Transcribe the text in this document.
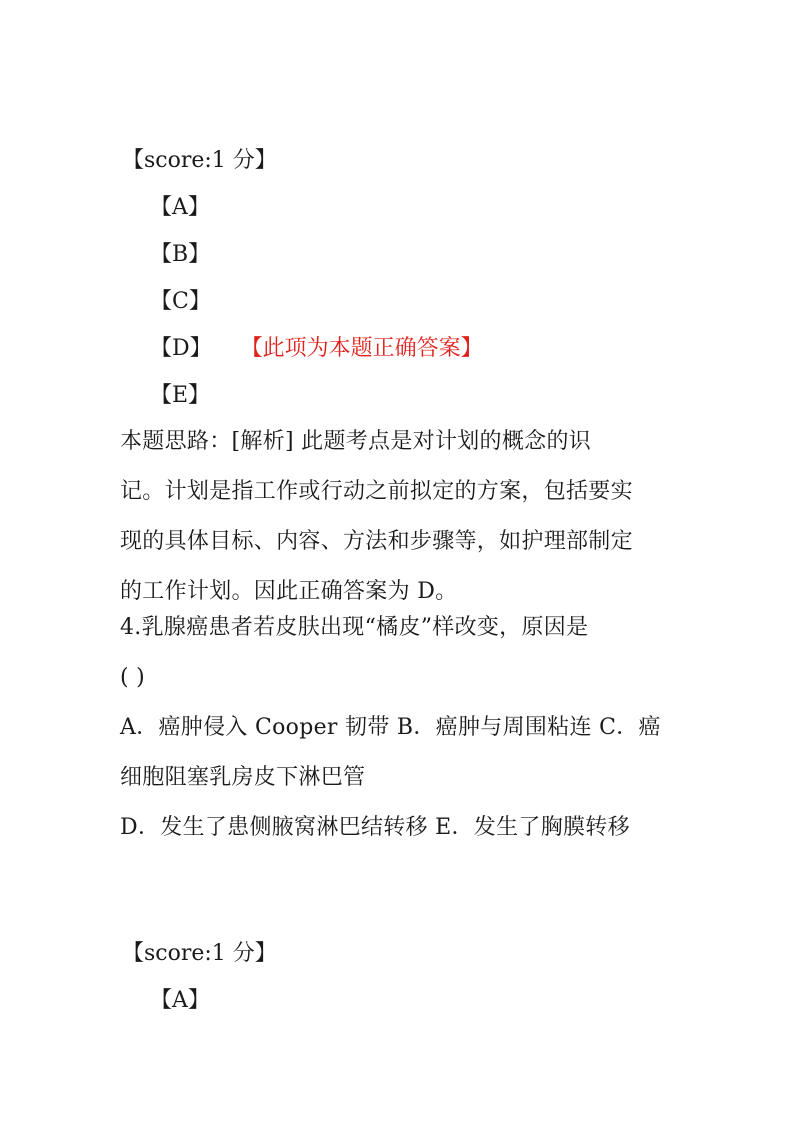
【score:1 分】
【A】
【B】
【C】
【D】 【此项为本题正确答案】
【E】

本题思路：[解析] 此题考点是对计划的概念的识

记。计划是指工作或行动之前拟定的方案，包括要实

现的具体目标、内容、方法和步骤等，如护理部制定

的工作计划。因此正确答案为 D。

4.乳腺癌患者若皮肤出现“橘皮”样改变，原因是

( )

A．癌肿侵入 Cooper 韧带 B．癌肿与周围粘连 C．癌

细胞阻塞乳房皮下淋巴管

D．发生了患侧腋窝淋巴结转移 E．发生了胸膜转移

【score:1 分】
【A】
